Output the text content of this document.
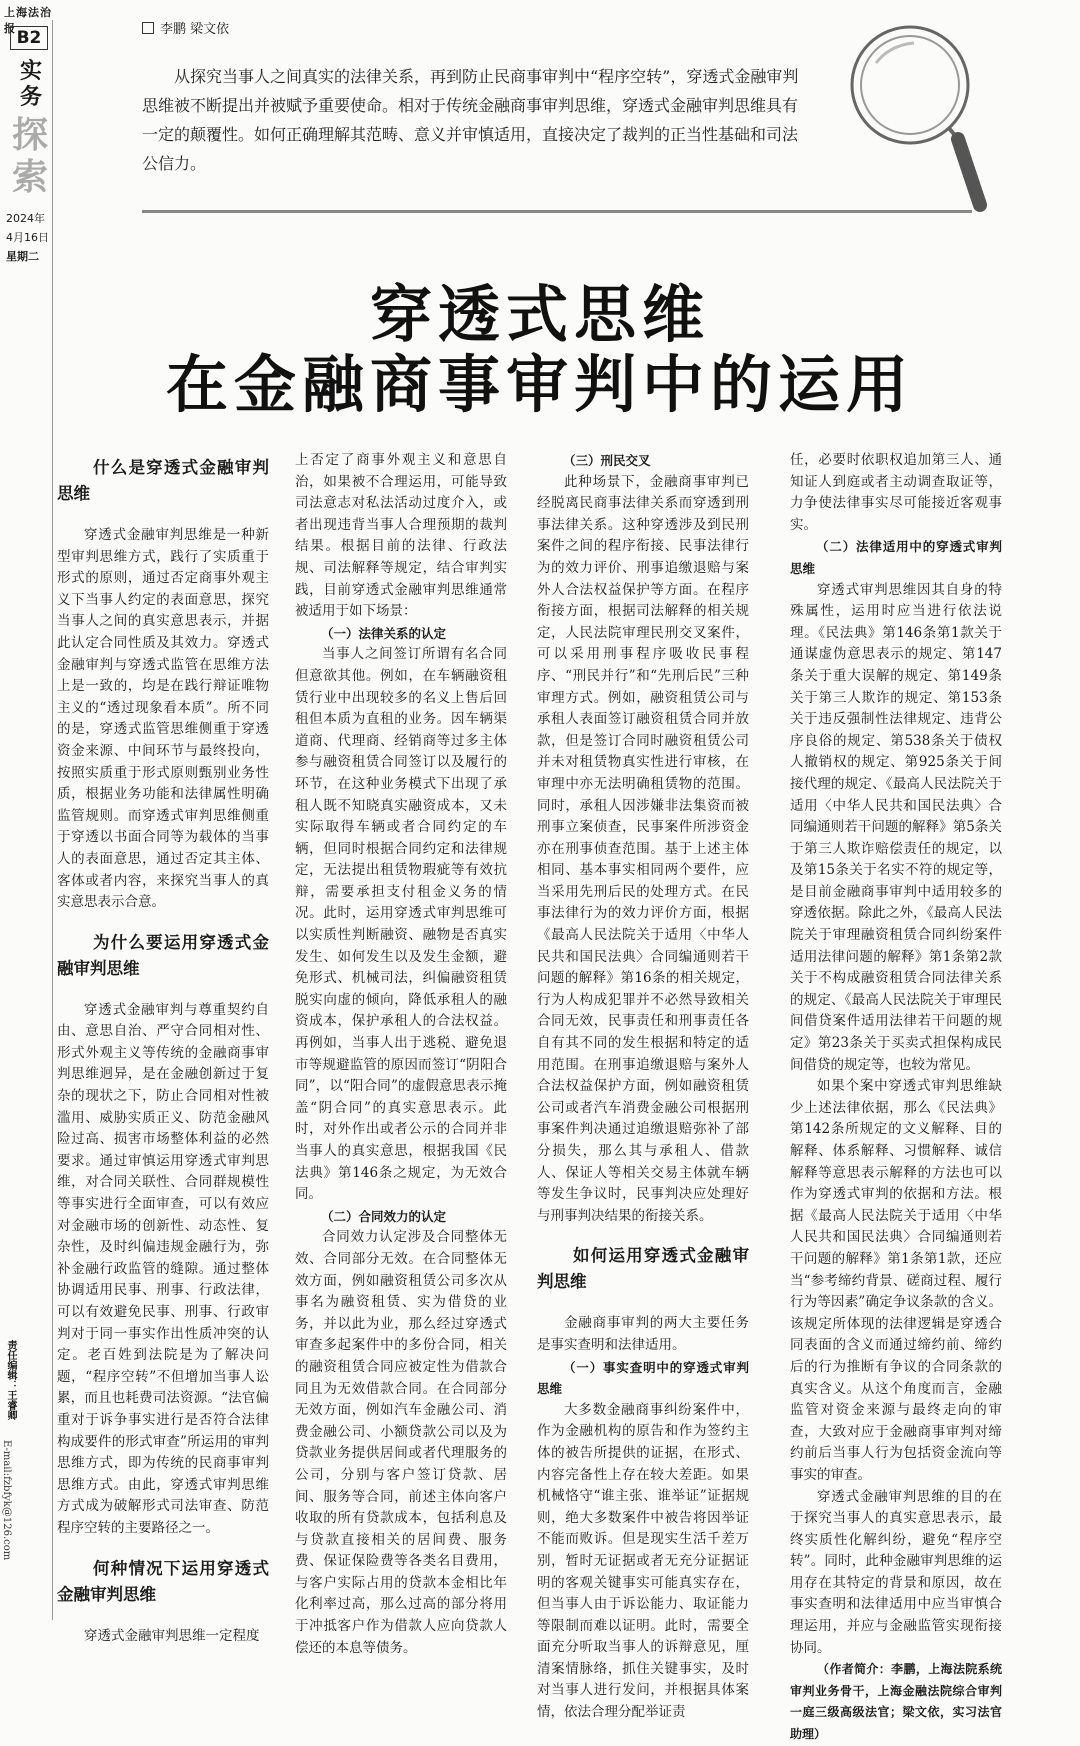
上海法治报 B2
实务
探索
2024年
4月16日
星期二
责任编辑：王睿卿
E-mail:fzbfyk@126.com
李鹏 梁文依
从探究当事人之间真实的法律关系，再到防止民商事审判中“程序空转”，穿透式金融审判思维被不断提出并被赋予重要使命。相对于传统金融商事审判思维，穿透式金融审判思维具有一定的颠覆性。如何正确理解其范畴、意义并审慎适用，直接决定了裁判的正当性基础和司法公信力。
穿透式思维
在金融商事审判中的运用
什么是穿透式金融审判思维

穿透式金融审判思维是一种新型审判思维方式，践行了实质重于形式的原则，通过否定商事外观主义下当事人约定的表面意思，探究当事人之间的真实意思表示，并据此认定合同性质及其效力。穿透式金融审判与穿透式监管在思维方法上是一致的，均是在践行辩证唯物主义的“透过现象看本质”。所不同的是，穿透式监管思维侧重于穿透资金来源、中间环节与最终投向，按照实质重于形式原则甄别业务性质，根据业务功能和法律属性明确监管规则。而穿透式审判思维侧重于穿透以书面合同等为载体的当事人的表面意思，通过否定其主体、客体或者内容，来探究当事人的真实意思表示合意。

为什么要运用穿透式金融审判思维

穿透式金融审判与尊重契约自由、意思自治、严守合同相对性、形式外观主义等传统的金融商事审判思维迥异，是在金融创新过于复杂的现状之下，防止合同相对性被滥用、威胁实质正义、防范金融风险过高、损害市场整体利益的必然要求。通过审慎运用穿透式审判思维，对合同关联性、合同群规模性等事实进行全面审查，可以有效应对金融市场的创新性、动态性、复杂性，及时纠偏违规金融行为，弥补金融行政监管的缝隙。通过整体协调适用民事、刑事、行政法律，可以有效避免民事、刑事、行政审判对于同一事实作出性质冲突的认定。老百姓到法院是为了解决问题，“程序空转”不但增加当事人讼累，而且也耗费司法资源。“法官偏重对于诉争事实进行是否符合法律构成要件的形式审查”所运用的审判思维方式，即为传统的民商事审判思维方式。由此，穿透式审判思维方式成为破解形式司法审查、防范程序空转的主要路径之一。

何种情况下运用穿透式金融审判思维

穿透式金融审判思维一定程度

上否定了商事外观主义和意思自治，如果被不合理运用，可能导致司法意志对私法活动过度介入，或者出现违背当事人合理预期的裁判结果。根据目前的法律、行政法规、司法解释等规定，结合审判实践，目前穿透式金融审判思维通常被适用于如下场景：

（一）法律关系的认定

当事人之间签订所谓有名合同但意欲其他。例如，在车辆融资租赁行业中出现较多的名义上售后回租但本质为直租的业务。因车辆渠道商、代理商、经销商等过多主体参与融资租赁合同签订以及履行的环节，在这种业务模式下出现了承租人既不知晓真实融资成本，又未实际取得车辆或者合同约定的车辆，但同时根据合同约定和法律规定，无法提出租赁物瑕疵等有效抗辩，需要承担支付租金义务的情况。此时，运用穿透式审判思维可以实质性判断融资、融物是否真实发生、如何发生以及发生金额，避免形式、机械司法，纠偏融资租赁脱实向虚的倾向，降低承租人的融资成本，保护承租人的合法权益。再例如，当事人出于逃税、避免退市等规避监管的原因而签订“阴阳合同”，以“阳合同”的虚假意思表示掩盖“阴合同”的真实意思表示。此时，对外作出或者公示的合同并非当事人的真实意思，根据我国《民法典》第146条之规定，为无效合同。

（二）合同效力的认定

合同效力认定涉及合同整体无效、合同部分无效。在合同整体无效方面，例如融资租赁公司多次从事名为融资租赁、实为借贷的业务，并以此为业，那么经过穿透式审查多起案件中的多份合同，相关的融资租赁合同应被定性为借款合同且为无效借款合同。在合同部分无效方面，例如汽车金融公司、消费金融公司、小额贷款公司以及为贷款业务提供居间或者代理服务的公司，分别与客户签订贷款、居间、服务等合同，前述主体向客户收取的所有贷款成本，包括利息及与贷款直接相关的居间费、服务费、保证保险费等各类名目费用，与客户实际占用的贷款本金相比年化利率过高，那么过高的部分将用于冲抵客户作为借款人应向贷款人偿还的本息等债务。

（三）刑民交叉

此种场景下，金融商事审判已经脱离民商事法律关系而穿透到刑事法律关系。这种穿透涉及到民刑案件之间的程序衔接、民事法律行为的效力评价、刑事追缴退赔与案外人合法权益保护等方面。在程序衔接方面，根据司法解释的相关规定，人民法院审理民刑交叉案件，可以采用刑事程序吸收民事程序、“刑民并行”和“先刑后民”三种审理方式。例如，融资租赁公司与承租人表面签订融资租赁合同并放款，但是签订合同时融资租赁公司并未对租赁物真实性进行审核，在审理中亦无法明确租赁物的范围。同时，承租人因涉嫌非法集资而被刑事立案侦查，民事案件所涉资金亦在刑事侦查范围。基于上述主体相同、基本事实相同两个要件，应当采用先刑后民的处理方式。在民事法律行为的效力评价方面，根据《最高人民法院关于适用〈中华人民共和国民法典〉合同编通则若干问题的解释》第16条的相关规定，行为人构成犯罪并不必然导致相关合同无效，民事责任和刑事责任各自有其不同的发生根据和特定的适用范围。在刑事追缴退赔与案外人合法权益保护方面，例如融资租赁公司或者汽车消费金融公司根据刑事案件判决通过追缴退赔弥补了部分损失，那么其与承租人、借款人、保证人等相关交易主体就车辆等发生争议时，民事判决应处理好与刑事判决结果的衔接关系。

如何运用穿透式金融审判思维

金融商事审判的两大主要任务是事实查明和法律适用。

（一）事实查明中的穿透式审判思维

大多数金融商事纠纷案件中，作为金融机构的原告和作为签约主体的被告所提供的证据，在形式、内容完备性上存在较大差距。如果机械恪守“谁主张、谁举证”证据规则，绝大多数案件中被告将因举证不能而败诉。但是现实生活千差万别，暂时无证据或者无充分证据证明的客观关键事实可能真实存在，但当事人由于诉讼能力、取证能力等限制而难以证明。此时，需要全面充分听取当事人的诉辩意见，厘清案情脉络，抓住关键事实，及时对当事人进行发问，并根据具体案情，依法合理分配举证责

任，必要时依职权追加第三人、通知证人到庭或者主动调查取证等，力争使法律事实尽可能接近客观事实。

（二）法律适用中的穿透式审判思维

穿透式审判思维因其自身的特殊属性，运用时应当进行依法说理。《民法典》第146条第1款关于通谋虚伪意思表示的规定、第147条关于重大误解的规定、第149条关于第三人欺诈的规定、第153条关于违反强制性法律规定、违背公序良俗的规定、第538条关于债权人撤销权的规定、第925条关于间接代理的规定、《最高人民法院关于适用〈中华人民共和国民法典〉合同编通则若干问题的解释》第5条关于第三人欺诈赔偿责任的规定，以及第15条关于名实不符的规定等，是目前金融商事审判中适用较多的穿透依据。除此之外，《最高人民法院关于审理融资租赁合同纠纷案件适用法律问题的解释》第1条第2款关于不构成融资租赁合同法律关系的规定、《最高人民法院关于审理民间借贷案件适用法律若干问题的规定》第23条关于买卖式担保构成民间借贷的规定等，也较为常见。

如果个案中穿透式审判思维缺少上述法律依据，那么《民法典》第142条所规定的文义解释、目的解释、体系解释、习惯解释、诚信解释等意思表示解释的方法也可以作为穿透式审判的依据和方法。根据《最高人民法院关于适用〈中华人民共和国民法典〉合同编通则若干问题的解释》第1条第1款，还应当“参考缔约背景、磋商过程、履行行为等因素”确定争议条款的含义。该规定所体现的法律逻辑是穿透合同表面的含义而通过缔约前、缔约后的行为推断有争议的合同条款的真实含义。从这个角度而言，金融监管对资金来源与最终走向的审查，大致对应于金融商事审判对缔约前后当事人行为包括资金流向等事实的审查。

穿透式金融审判思维的目的在于探究当事人的真实意思表示，最终实质性化解纠纷，避免“程序空转”。同时，此种金融审判思维的运用存在其特定的背景和原因，故在事实查明和法律适用中应当审慎合理运用，并应与金融监管实现衔接协同。

（作者简介：李鹏，上海法院系统审判业务骨干，上海金融法院综合审判一庭三级高级法官；梁文依，实习法官助理）
